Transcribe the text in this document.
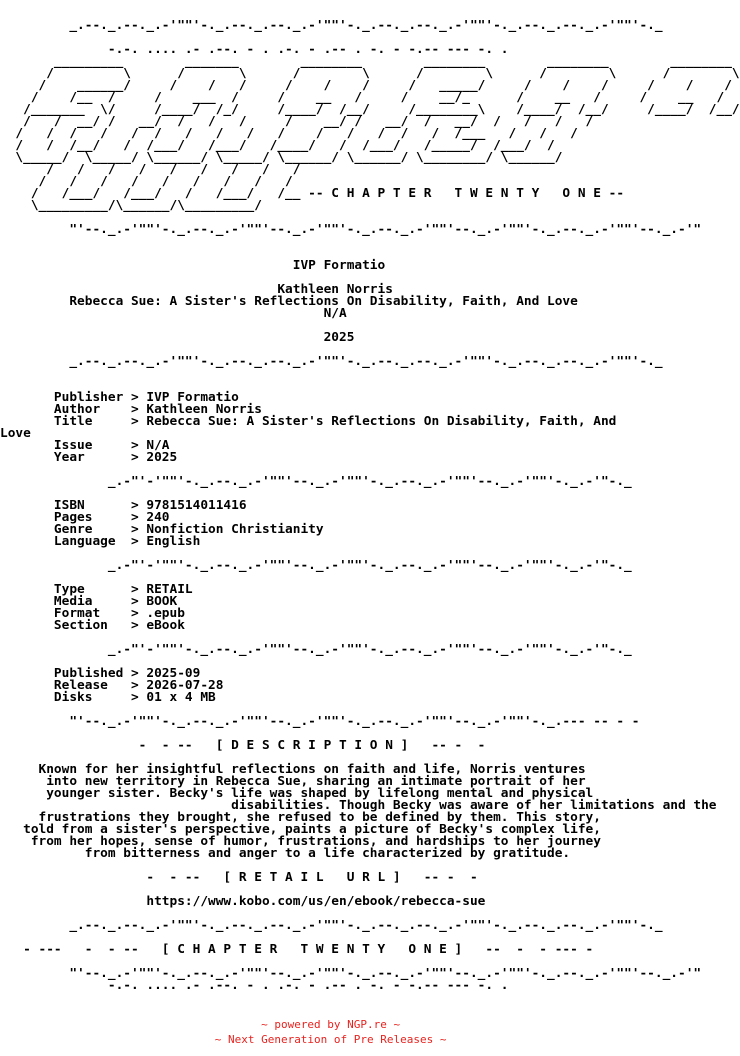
_.--._.--._.-'""'-._.--._.--._.-'""'-._.--._.--._.-'""'-._.--._.--._.-'""'-._

-.-. .... .- .--. - . .-. - .-- . -. - -.-- --- -. .
_________        _______        ________        ________        ________        ________
/         \      /       \      /        \      /        \      /        \      /        \
/    ______/     /    /   /     /    /    /     /   _____/     /    /    /     /    /    /
/    /__  /     /    ___  /     /    __   /     /    __/_      /    __   /     /    __   /
/_______  \/     /____/  /_/     /____/  /__/     /________\    /____/  /__/     /____/  /__/
/   /  __/ /   __/  /   /   /     /    __/ /   __/  /   __/  /   /   /   /
/   /  /   /   /  /   /   /   /   /    /   /   /  /   /  /___   /   /   /
/   /  /__/   /  /___/   /___/   /____/   /  /___/   /_____/  /___/  /
\_____/  \_____/ \______/ \_____/ \______/ \______/ \________/ \______/
/   /   /   /   /   /   /   /   /
/   /   /   /   /   /   /   /   /
/   /___/   /___/   /   /___/   /__ -- C H A P T E R   T W E N T Y   O N E --
\_________/\______/\_________/

"'--._.-'""'-._.--._.-'""'--._.-'""'-._.--._.-'""'--._.-'""'-._.--._.-'""'--._.-'"

IVP Formatio

Kathleen Norris
Rebecca Sue: A Sister's Reflections On Disability, Faith, And Love
N/A

2025

_.--._.--._.-'""'-._.--._.--._.-'""'-._.--._.--._.-'""'-._.--._.--._.-'""'-._

Publisher > IVP Formatio
Author    > Kathleen Norris
Title     > Rebecca Sue: A Sister's Reflections On Disability, Faith, And
Love
Issue     > N/A
Year      > 2025

_.-"'-'""'-._.--._.-'""'--._.-'""'-._.--._.-'""'--._.-'""'-._.-'"-._

ISBN      > 9781514011416
Pages     > 240
Genre     > Nonfiction Christianity
Language  > English

_.-"'-'""'-._.--._.-'""'--._.-'""'-._.--._.-'""'--._.-'""'-._.-'"-._

Type      > RETAIL
Media     > BOOK
Format    > .epub
Section   > eBook

_.-"'-'""'-._.--._.-'""'--._.-'""'-._.--._.-'""'--._.-'""'-._.-'"-._

Published > 2025-09
Release   > 2026-07-28
Disks     > 01 x 4 MB

"'--._.-'""'-._.--._.-'""'--._.-'""'-._.--._.-'""'--._.-'""'-._.--- -- - -

-  - --   [ D E S C R I P T I O N ]   -- -  -

Known for her insightful reflections on faith and life, Norris ventures
into new territory in Rebecca Sue, sharing an intimate portrait of her
younger sister. Becky's life was shaped by lifelong mental and physical
disabilities. Though Becky was aware of her limitations and the
frustrations they brought, she refused to be defined by them. This story,
told from a sister's perspective, paints a picture of Becky's complex life,
from her hopes, sense of humor, frustrations, and hardships to her journey
from bitterness and anger to a life characterized by gratitude.

-  - --   [ R E T A I L   U R L ]   -- -  -

https://www.kobo.com/us/en/ebook/rebecca-sue

_.--._.--._.-'""'-._.--._.--._.-'""'-._.--._.--._.-'""'-._.--._.--._.-'""'-._

- ---   -  - --   [ C H A P T E R   T W E N T Y   O N E ]   --  -  - --- -

"'--._.-'""'-._.--._.-'""'--._.-'""'-._.--._.-'""'--._.-'""'-._.--._.-'""'--._.-'"
-.-. .... .- .--. - . .-. - .-- . -. - -.-- --- -. .

~ powered by NGP.re ~

~ Next Generation of Pre Releases ~
